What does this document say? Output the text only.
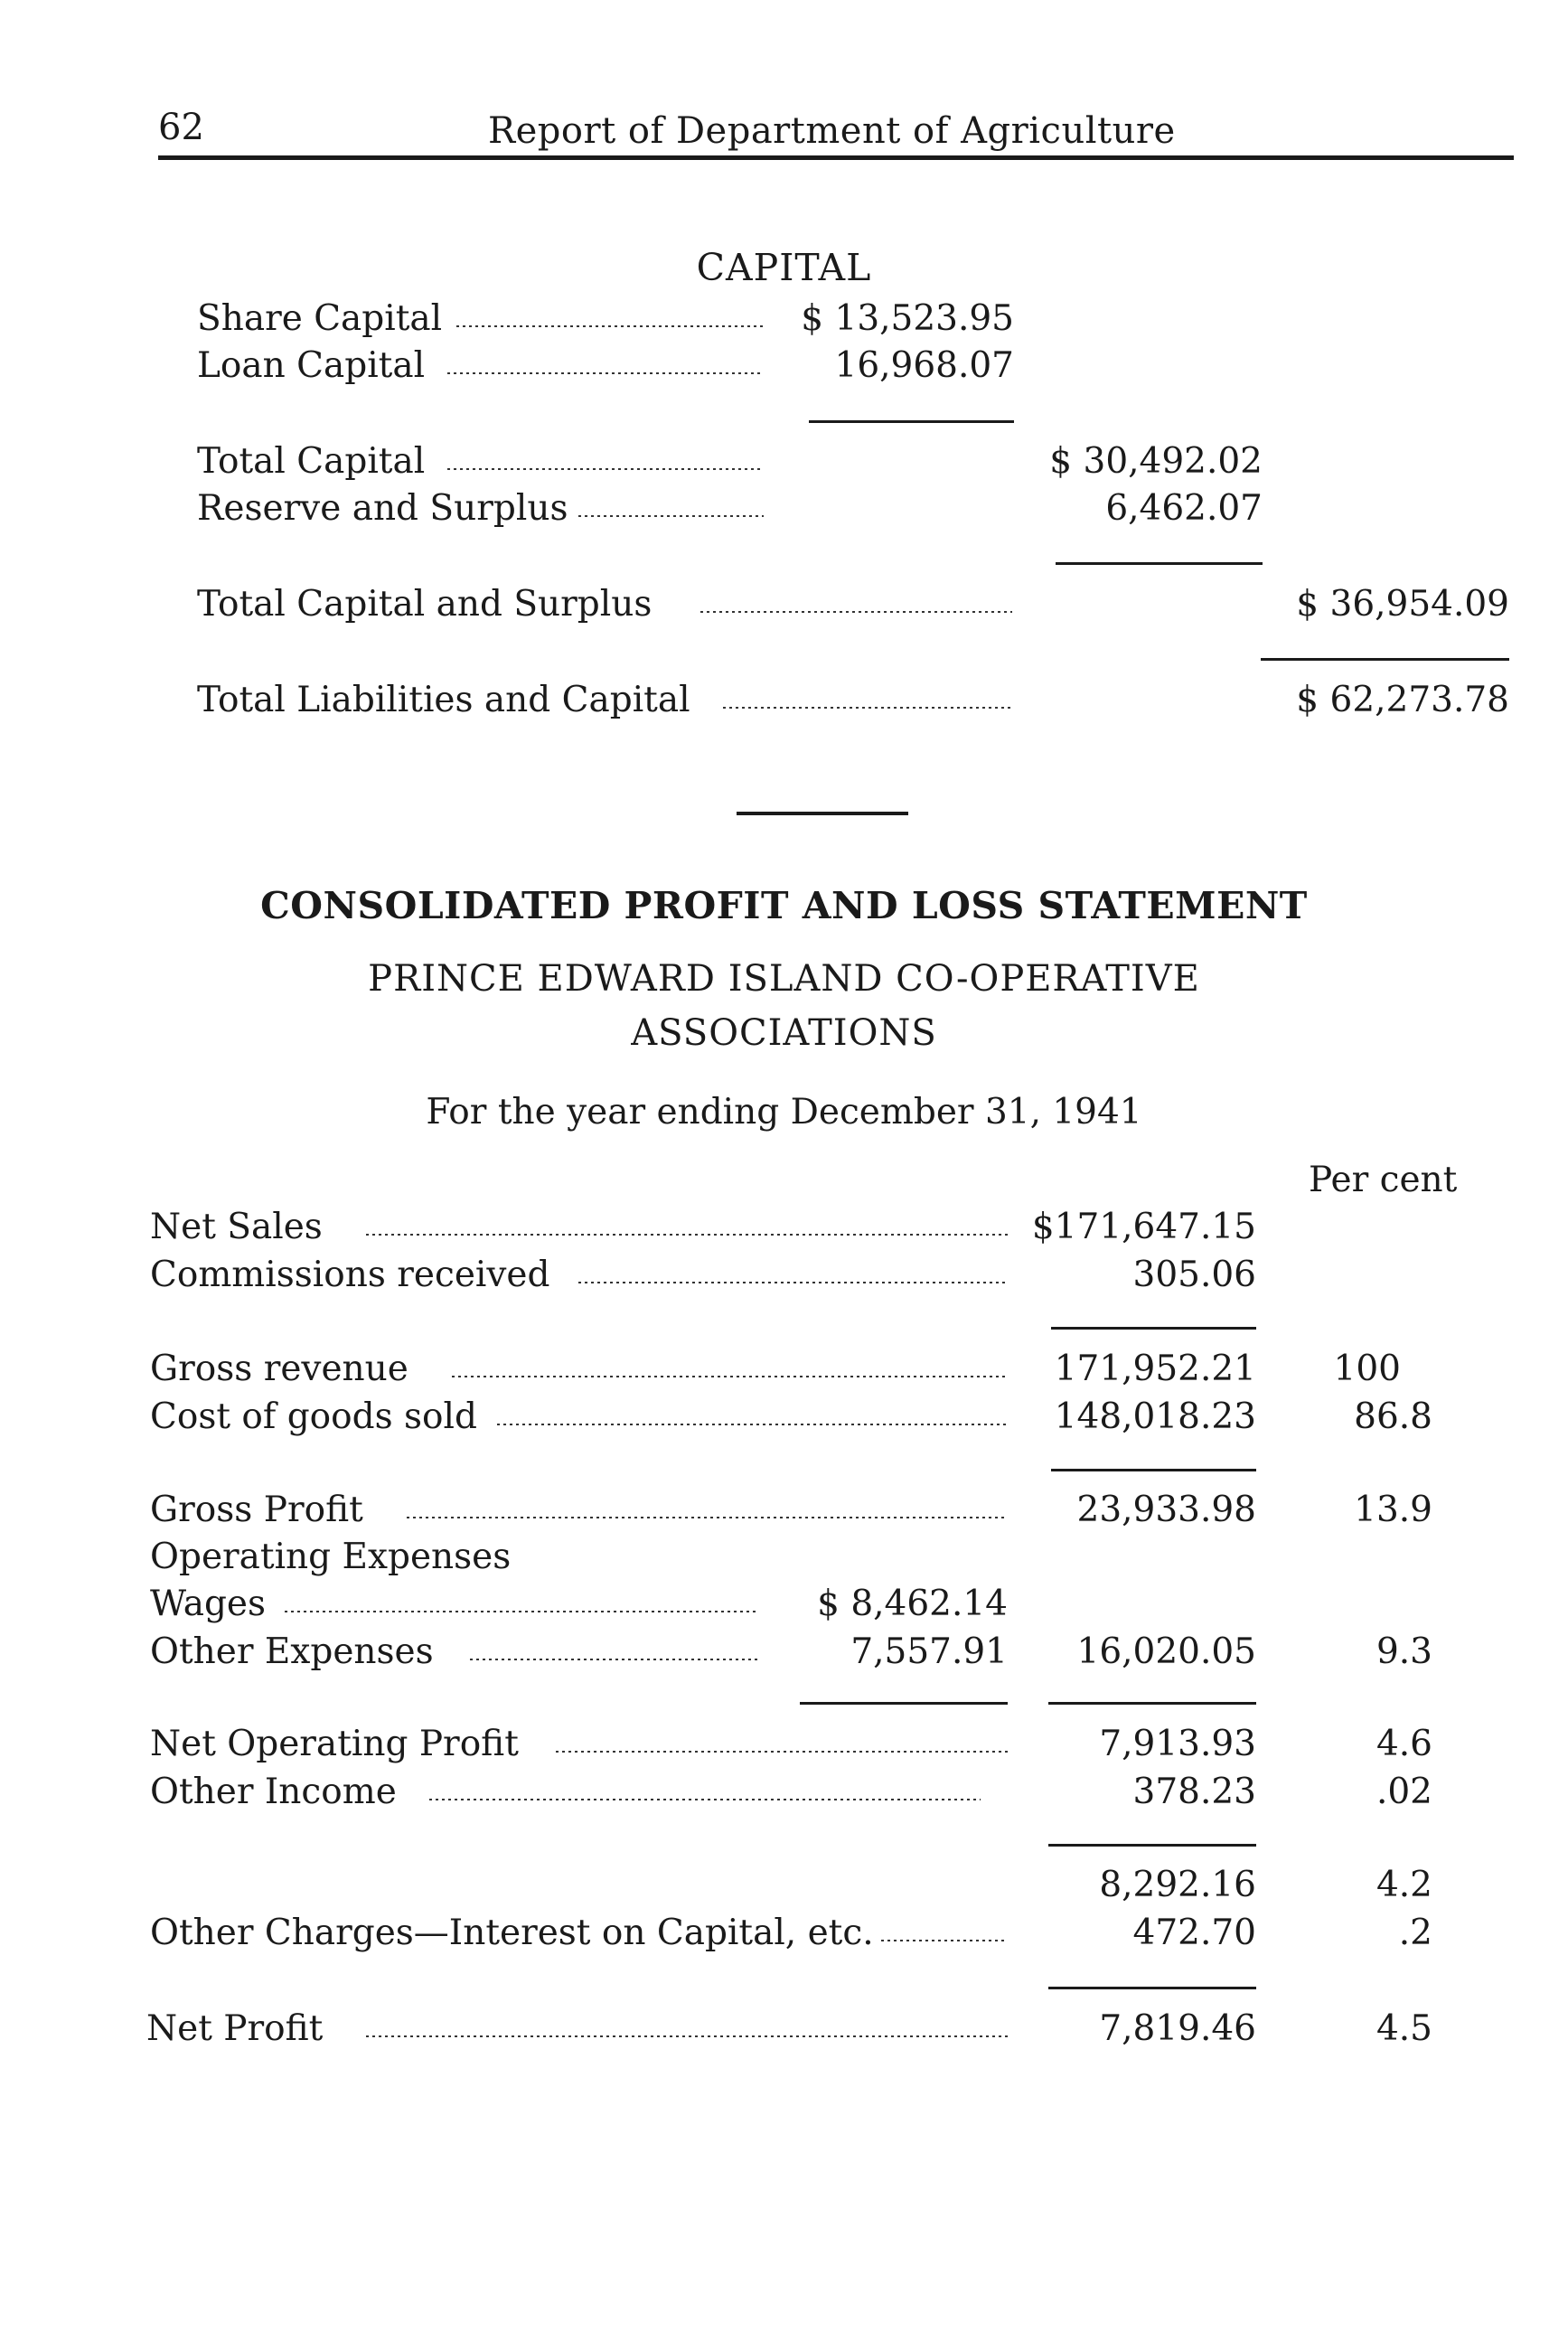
62	Report of Department of Agriculture
CAPITAL
Share Capital	$ 13,523.95
Loan Capital	16,968.07
Total Capital	$ 30,492.02
Reserve and Surplus	6,462.07
Total Capital and Surplus	$ 36,954.09
Total Liabilities and Capital	$ 62,273.78
CONSOLIDATED PROFIT AND LOSS STATEMENT
PRINCE EDWARD ISLAND CO-OPERATIVE
ASSOCIATIONS
For the year ending December 31, 1941
Per cent
Net Sales	$171,647.15
Commissions received	305.06
Gross revenue	171,952.21	100
Cost of goods sold	148,018.23	86.8
Gross Profit	23,933.98	13.9
Operating Expenses
Wages	$ 8,462.14
Other Expenses	7,557.91	16,020.05	9.3
Net Operating Profit	7,913.93	4.6
Other Income	378.23	.02
8,292.16	4.2
Other Charges—Interest on Capital, etc.	472.70	.2
Net Profit	7,819.46	4.5
